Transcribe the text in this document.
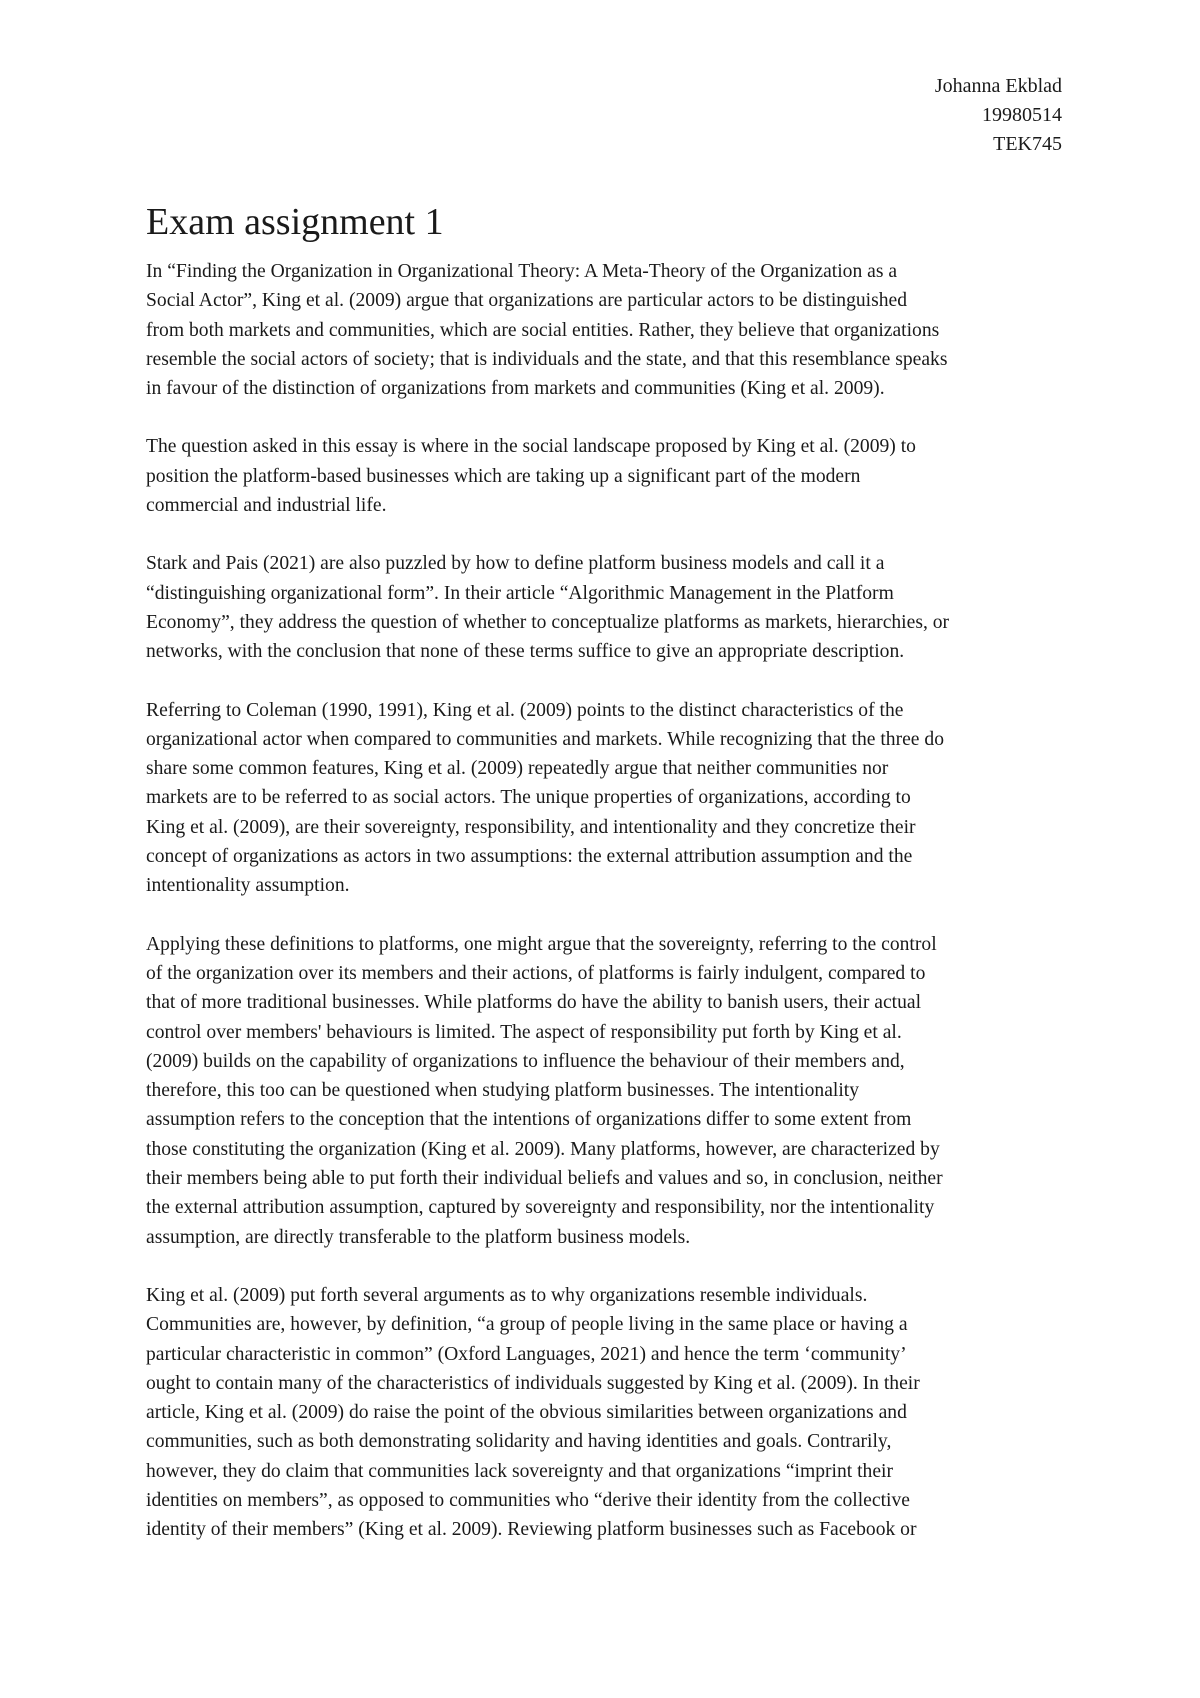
Johanna Ekblad
19980514
TEK745
Exam assignment 1

In “Finding the Organization in Organizational Theory: A Meta-Theory of the Organization as a
Social Actor”, King et al. (2009) argue that organizations are particular actors to be distinguished
from both markets and communities, which are social entities. Rather, they believe that organizations
resemble the social actors of society; that is individuals and the state, and that this resemblance speaks
in favour of the distinction of organizations from markets and communities (King et al. 2009).

The question asked in this essay is where in the social landscape proposed by King et al. (2009) to
position the platform-based businesses which are taking up a significant part of the modern
commercial and industrial life.

Stark and Pais (2021) are also puzzled by how to define platform business models and call it a
“distinguishing organizational form”. In their article “Algorithmic Management in the Platform
Economy”, they address the question of whether to conceptualize platforms as markets, hierarchies, or
networks, with the conclusion that none of these terms suffice to give an appropriate description.

Referring to Coleman (1990, 1991), King et al. (2009) points to the distinct characteristics of the
organizational actor when compared to communities and markets. While recognizing that the three do
share some common features, King et al. (2009) repeatedly argue that neither communities nor
markets are to be referred to as social actors. The unique properties of organizations, according to
King et al. (2009), are their sovereignty, responsibility, and intentionality and they concretize their
concept of organizations as actors in two assumptions: the external attribution assumption and the
intentionality assumption.

Applying these definitions to platforms, one might argue that the sovereignty, referring to the control
of the organization over its members and their actions, of platforms is fairly indulgent, compared to
that of more traditional businesses. While platforms do have the ability to banish users, their actual
control over members' behaviours is limited. The aspect of responsibility put forth by King et al.
(2009) builds on the capability of organizations to influence the behaviour of their members and,
therefore, this too can be questioned when studying platform businesses. The intentionality
assumption refers to the conception that the intentions of organizations differ to some extent from
those constituting the organization (King et al. 2009). Many platforms, however, are characterized by
their members being able to put forth their individual beliefs and values and so, in conclusion, neither
the external attribution assumption, captured by sovereignty and responsibility, nor the intentionality
assumption, are directly transferable to the platform business models.

King et al. (2009) put forth several arguments as to why organizations resemble individuals.
Communities are, however, by definition, “a group of people living in the same place or having a
particular characteristic in common” (Oxford Languages, 2021) and hence the term ‘community’
ought to contain many of the characteristics of individuals suggested by King et al. (2009). In their
article, King et al. (2009) do raise the point of the obvious similarities between organizations and
communities, such as both demonstrating solidarity and having identities and goals. Contrarily,
however, they do claim that communities lack sovereignty and that organizations “imprint their
identities on members”, as opposed to communities who “derive their identity from the collective
identity of their members” (King et al. 2009). Reviewing platform businesses such as Facebook or
